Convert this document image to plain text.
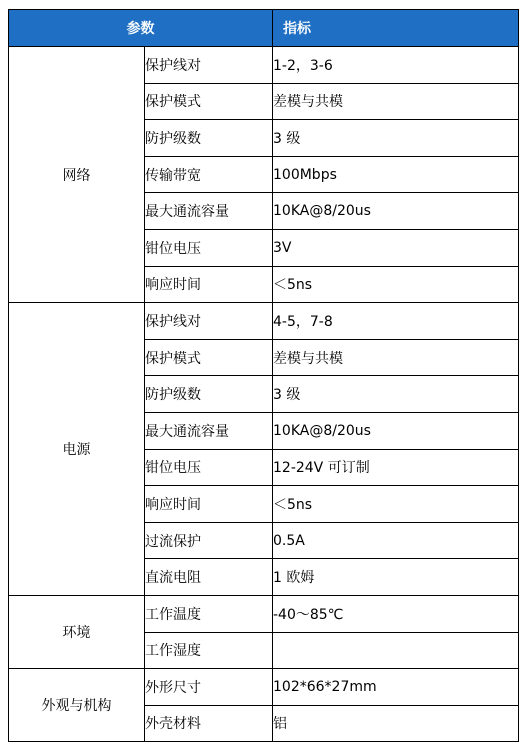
参数		指标
网络	保护线对	1-2，3-6
	保护模式	差模与共模
	防护级数	3 级
	传输带宽	100Mbps
	最大通流容量	10KA@8/20us
	钳位电压	3V
	响应时间	＜5ns
电源	保护线对	4-5，7-8
	保护模式	差模与共模
	防护级数	3 级
	最大通流容量	10KA@8/20us
	钳位电压	12-24V 可订制
	响应时间	＜5ns
	过流保护	0.5A
	直流电阻	1 欧姆
环境	工作温度	-40～85℃
	工作湿度	
外观与机构	外形尺寸	102*66*27mm
	外壳材料	铝
